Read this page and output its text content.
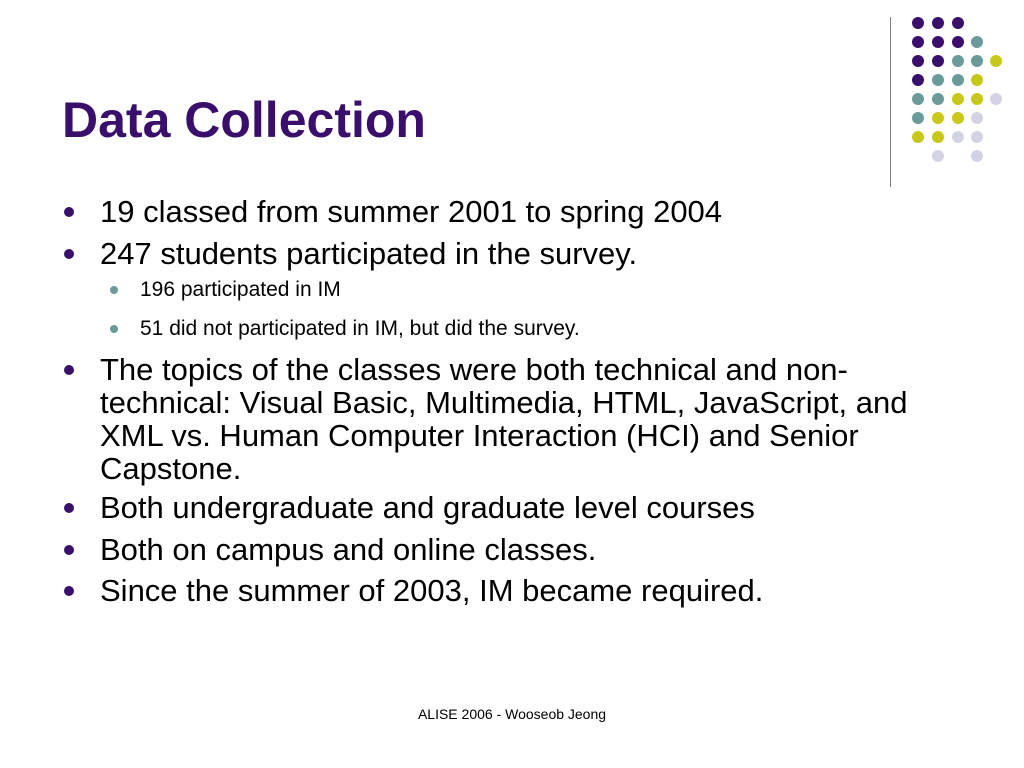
Data Collection
19 classed from summer 2001 to spring 2004
247 students participated in the survey.
196 participated in IM
51 did not participated in IM, but did the survey.
The topics of the classes were both technical and non-technical: Visual Basic, Multimedia, HTML, JavaScript, and XML vs. Human Computer Interaction (HCI) and Senior Capstone.
Both undergraduate and graduate level courses
Both on campus and online classes.
Since the summer of 2003, IM became required.
ALISE 2006 - Wooseob Jeong
